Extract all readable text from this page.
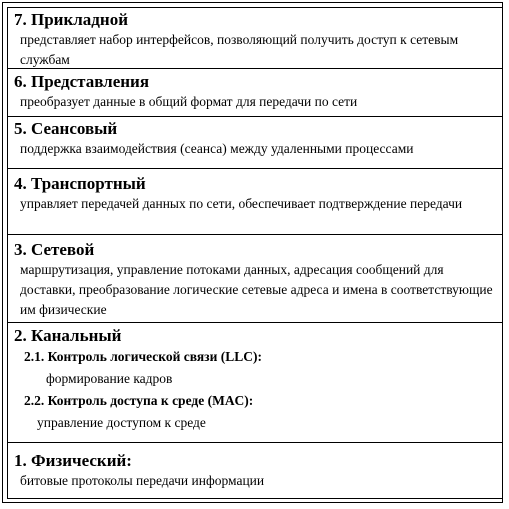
7. Прикладной
представляет набор интерфейсов, позволяющий получить доступ к сетевым службам
6. Представления
преобразует данные в общий формат для передачи по сети
5. Сеансовый
поддержка взаимодействия (сеанса) между удаленными процессами
4. Транспортный
управляет передачей данных по сети, обеспечивает подтверждение передачи
3. Сетевой
маршрутизация, управление потоками данных, адресация сообщений для доставки, преобразование логические сетевые адреса и имена в соответствующие им физические
2. Канальный
2.1. Контроль логической связи (LLC):
формирование кадров
2.2. Контроль доступа к среде (MAC):
управление доступом к среде
1. Физический:
битовые протоколы передачи информации
